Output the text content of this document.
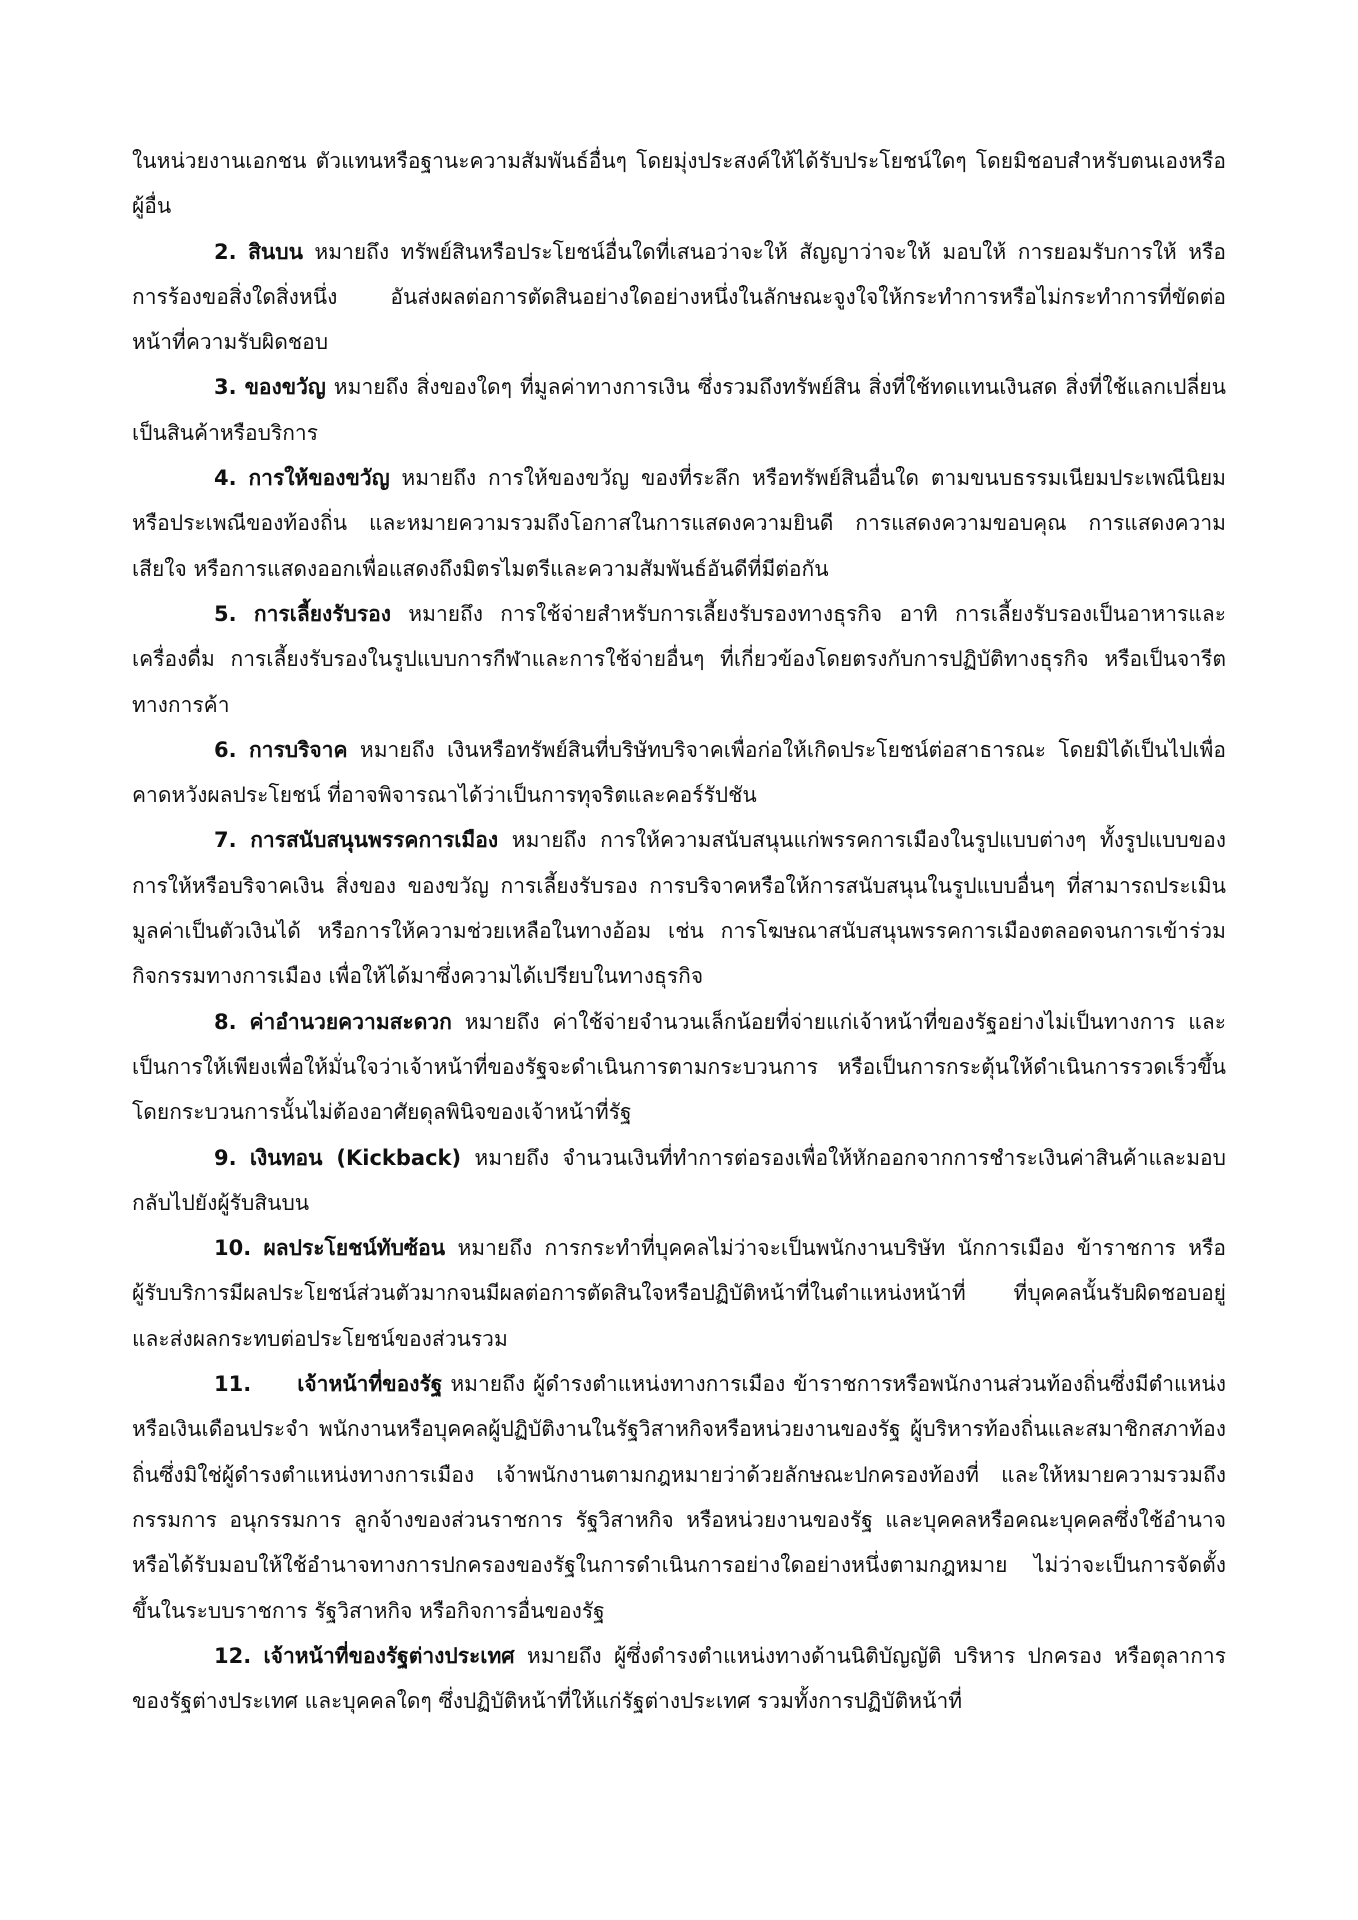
ในหน่วยงานเอกชน ตัวแทนหรือฐานะความสัมพันธ์อื่นๆ โดยมุ่งประสงค์ให้ได้รับประโยชน์ใดๆ โดยมิชอบสำหรับตนเองหรือผู้อื่น

2. สินบน หมายถึง ทรัพย์สินหรือประโยชน์อื่นใดที่เสนอว่าจะให้ สัญญาว่าจะให้ มอบให้ การยอมรับการให้ หรือการร้องขอสิ่งใดสิ่งหนึ่ง อันส่งผลต่อการตัดสินอย่างใดอย่างหนึ่งในลักษณะจูงใจให้กระทำการหรือไม่กระทำการที่ขัดต่อหน้าที่ความรับผิดชอบ

3. ของขวัญ หมายถึง สิ่งของใดๆ ที่มูลค่าทางการเงิน ซึ่งรวมถึงทรัพย์สิน สิ่งที่ใช้ทดแทนเงินสด สิ่งที่ใช้แลกเปลี่ยนเป็นสินค้าหรือบริการ

4. การให้ของขวัญ หมายถึง การให้ของขวัญ ของที่ระลึก หรือทรัพย์สินอื่นใด ตามขนบธรรมเนียมประเพณีนิยม หรือประเพณีของท้องถิ่น และหมายความรวมถึงโอกาสในการแสดงความยินดี การแสดงความขอบคุณ การแสดงความเสียใจ หรือการแสดงออกเพื่อแสดงถึงมิตรไมตรีและความสัมพันธ์อันดีที่มีต่อกัน

5. การเลี้ยงรับรอง หมายถึง การใช้จ่ายสำหรับการเลี้ยงรับรองทางธุรกิจ อาทิ การเลี้ยงรับรองเป็นอาหารและเครื่องดื่ม การเลี้ยงรับรองในรูปแบบการกีฬาและการใช้จ่ายอื่นๆ ที่เกี่ยวข้องโดยตรงกับการปฏิบัติทางธุรกิจ หรือเป็นจารีตทางการค้า

6. การบริจาค หมายถึง เงินหรือทรัพย์สินที่บริษัทบริจาคเพื่อก่อให้เกิดประโยชน์ต่อสาธารณะ โดยมิได้เป็นไปเพื่อคาดหวังผลประโยชน์ ที่อาจพิจารณาได้ว่าเป็นการทุจริตและคอร์รัปชัน

7. การสนับสนุนพรรคการเมือง หมายถึง การให้ความสนับสนุนแก่พรรคการเมืองในรูปแบบต่างๆ ทั้งรูปแบบของการให้หรือบริจาคเงิน สิ่งของ ของขวัญ การเลี้ยงรับรอง การบริจาคหรือให้การสนับสนุนในรูปแบบอื่นๆ ที่สามารถประเมินมูลค่าเป็นตัวเงินได้ หรือการให้ความช่วยเหลือในทางอ้อม เช่น การโฆษณาสนับสนุนพรรคการเมืองตลอดจนการเข้าร่วมกิจกรรมทางการเมือง เพื่อให้ได้มาซึ่งความได้เปรียบในทางธุรกิจ

8. ค่าอำนวยความสะดวก หมายถึง ค่าใช้จ่ายจำนวนเล็กน้อยที่จ่ายแก่เจ้าหน้าที่ของรัฐอย่างไม่เป็นทางการ และเป็นการให้เพียงเพื่อให้มั่นใจว่าเจ้าหน้าที่ของรัฐจะดำเนินการตามกระบวนการ หรือเป็นการกระตุ้นให้ดำเนินการรวดเร็วขึ้น โดยกระบวนการนั้นไม่ต้องอาศัยดุลพินิจของเจ้าหน้าที่รัฐ

9. เงินทอน (Kickback) หมายถึง จำนวนเงินที่ทำการต่อรองเพื่อให้หักออกจากการชำระเงินค่าสินค้าและมอบกลับไปยังผู้รับสินบน

10. ผลประโยชน์ทับซ้อน หมายถึง การกระทำที่บุคคลไม่ว่าจะเป็นพนักงานบริษัท นักการเมือง ข้าราชการ หรือผู้รับบริการมีผลประโยชน์ส่วนตัวมากจนมีผลต่อการตัดสินใจหรือปฏิบัติหน้าที่ในตำแหน่งหน้าที่ ที่บุคคลนั้นรับผิดชอบอยู่ และส่งผลกระทบต่อประโยชน์ของส่วนรวม

11. เจ้าหน้าที่ของรัฐ หมายถึง ผู้ดำรงตำแหน่งทางการเมือง ข้าราชการหรือพนักงานส่วนท้องถิ่นซึ่งมีตำแหน่ง หรือเงินเดือนประจำ พนักงานหรือบุคคลผู้ปฏิบัติงานในรัฐวิสาหกิจหรือหน่วยงานของรัฐ ผู้บริหารท้องถิ่นและสมาชิกสภาท้องถิ่นซึ่งมิใช่ผู้ดำรงตำแหน่งทางการเมือง เจ้าพนักงานตามกฎหมายว่าด้วยลักษณะปกครองท้องที่ และให้หมายความรวมถึงกรรมการ อนุกรรมการ ลูกจ้างของส่วนราชการ รัฐวิสาหกิจ หรือหน่วยงานของรัฐ และบุคคลหรือคณะบุคคลซึ่งใช้อำนาจหรือได้รับมอบให้ใช้อำนาจทางการปกครองของรัฐในการดำเนินการอย่างใดอย่างหนึ่งตามกฎหมาย ไม่ว่าจะเป็นการจัดตั้งขึ้นในระบบราชการ รัฐวิสาหกิจ หรือกิจการอื่นของรัฐ

12. เจ้าหน้าที่ของรัฐต่างประเทศ หมายถึง ผู้ซึ่งดำรงตำแหน่งทางด้านนิติบัญญัติ บริหาร ปกครอง หรือตุลาการ ของรัฐต่างประเทศ และบุคคลใดๆ ซึ่งปฏิบัติหน้าที่ให้แก่รัฐต่างประเทศ รวมทั้งการปฏิบัติหน้าที่
